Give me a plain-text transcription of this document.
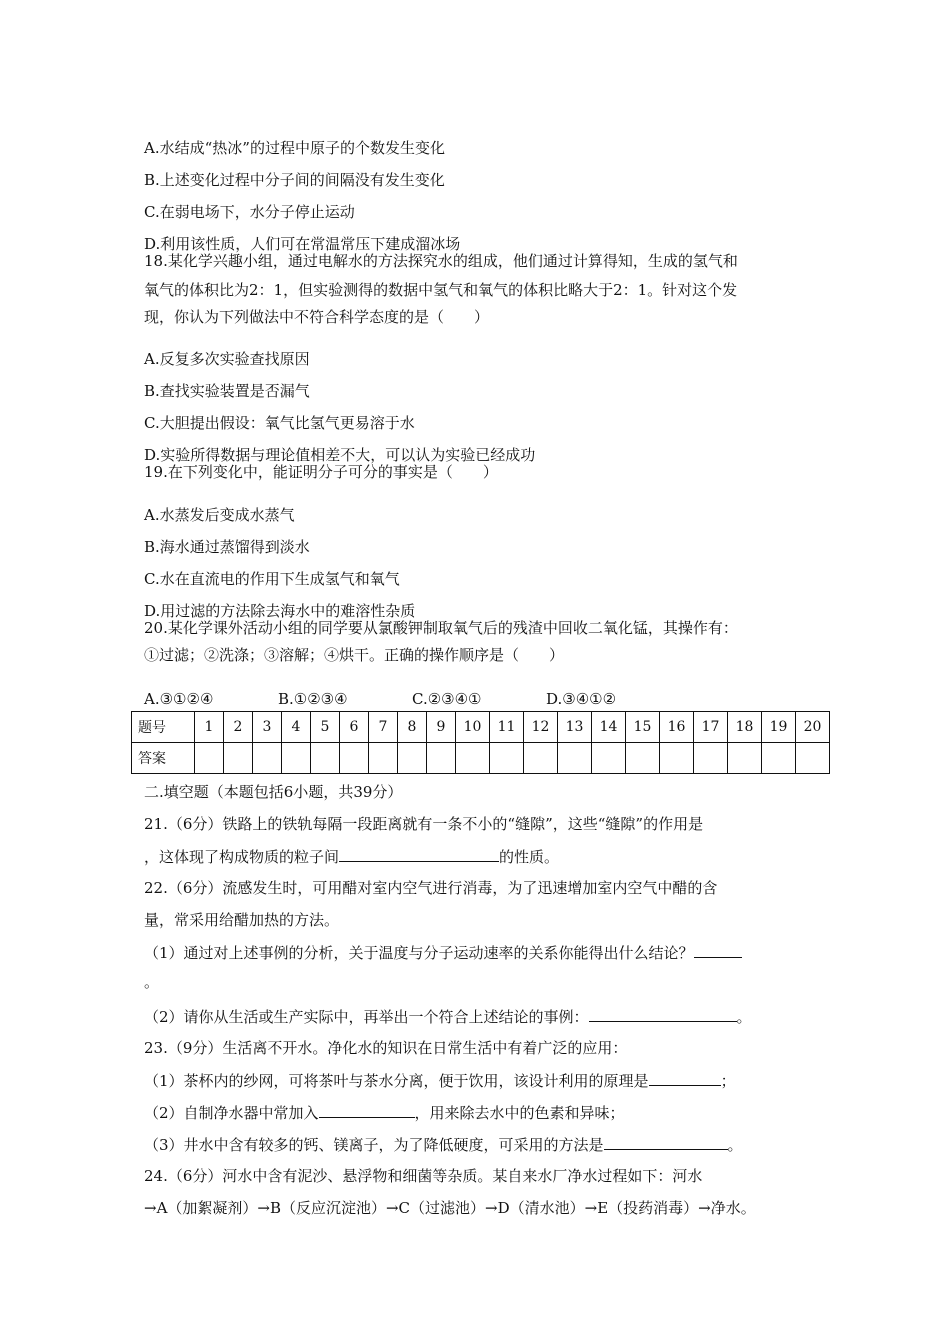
A.水结成“热冰”的过程中原子的个数发生变化
B.上述变化过程中分子间的间隔没有发生变化
C.在弱电场下，水分子停止运动
D.利用该性质，人们可在常温常压下建成溜冰场
18.某化学兴趣小组，通过电解水的方法探究水的组成，他们通过计算得知，生成的氢气和
氧气的体积比为2：1，但实验测得的数据中氢气和氧气的体积比略大于2：1。针对这个发
现，你认为下列做法中不符合科学态度的是（　　）
A.反复多次实验查找原因
B.查找实验装置是否漏气
C.大胆提出假设：氧气比氢气更易溶于水
D.实验所得数据与理论值相差不大，可以认为实验已经成功
19.在下列变化中，能证明分子可分的事实是（　　）
A.水蒸发后变成水蒸气
B.海水通过蒸馏得到淡水
C.水在直流电的作用下生成氢气和氧气
D.用过滤的方法除去海水中的难溶性杂质
20.某化学课外活动小组的同学要从氯酸钾制取氧气后的残渣中回收二氧化锰，其操作有：
①过滤；②洗涤；③溶解；④烘干。正确的操作顺序是（　　）
A.③①②④	B.①②③④	C.②③④①	D.③④①②
题号	1	2	3	4	5	6	7	8	9	10	11	12	13	14	15	16	17	18	19	20
答案																				
二.填空题（本题包括6小题，共39分）
21.（6分）铁路上的铁轨每隔一段距离就有一条不小的“缝隙”，这些“缝隙”的作用是
，这体现了构成物质的粒子间	的性质。
22.（6分）流感发生时，可用醋对室内空气进行消毒，为了迅速增加室内空气中醋的含
量，常采用给醋加热的方法。
（1）通过对上述事例的分析，关于温度与分子运动速率的关系你能得出什么结论？
。
（2）请你从生活或生产实际中，再举出一个符合上述结论的事例：	。
23.（9分）生活离不开水。净化水的知识在日常生活中有着广泛的应用：
（1）茶杯内的纱网，可将茶叶与茶水分离，便于饮用，该设计利用的原理是	；
（2）自制净水器中常加入	，用来除去水中的色素和异味；
（3）井水中含有较多的钙、镁离子，为了降低硬度，可采用的方法是	。
24.（6分）河水中含有泥沙、悬浮物和细菌等杂质。某自来水厂净水过程如下：河水
→A（加絮凝剂）→B（反应沉淀池）→C（过滤池）→D（清水池）→E（投药消毒）→净水。
